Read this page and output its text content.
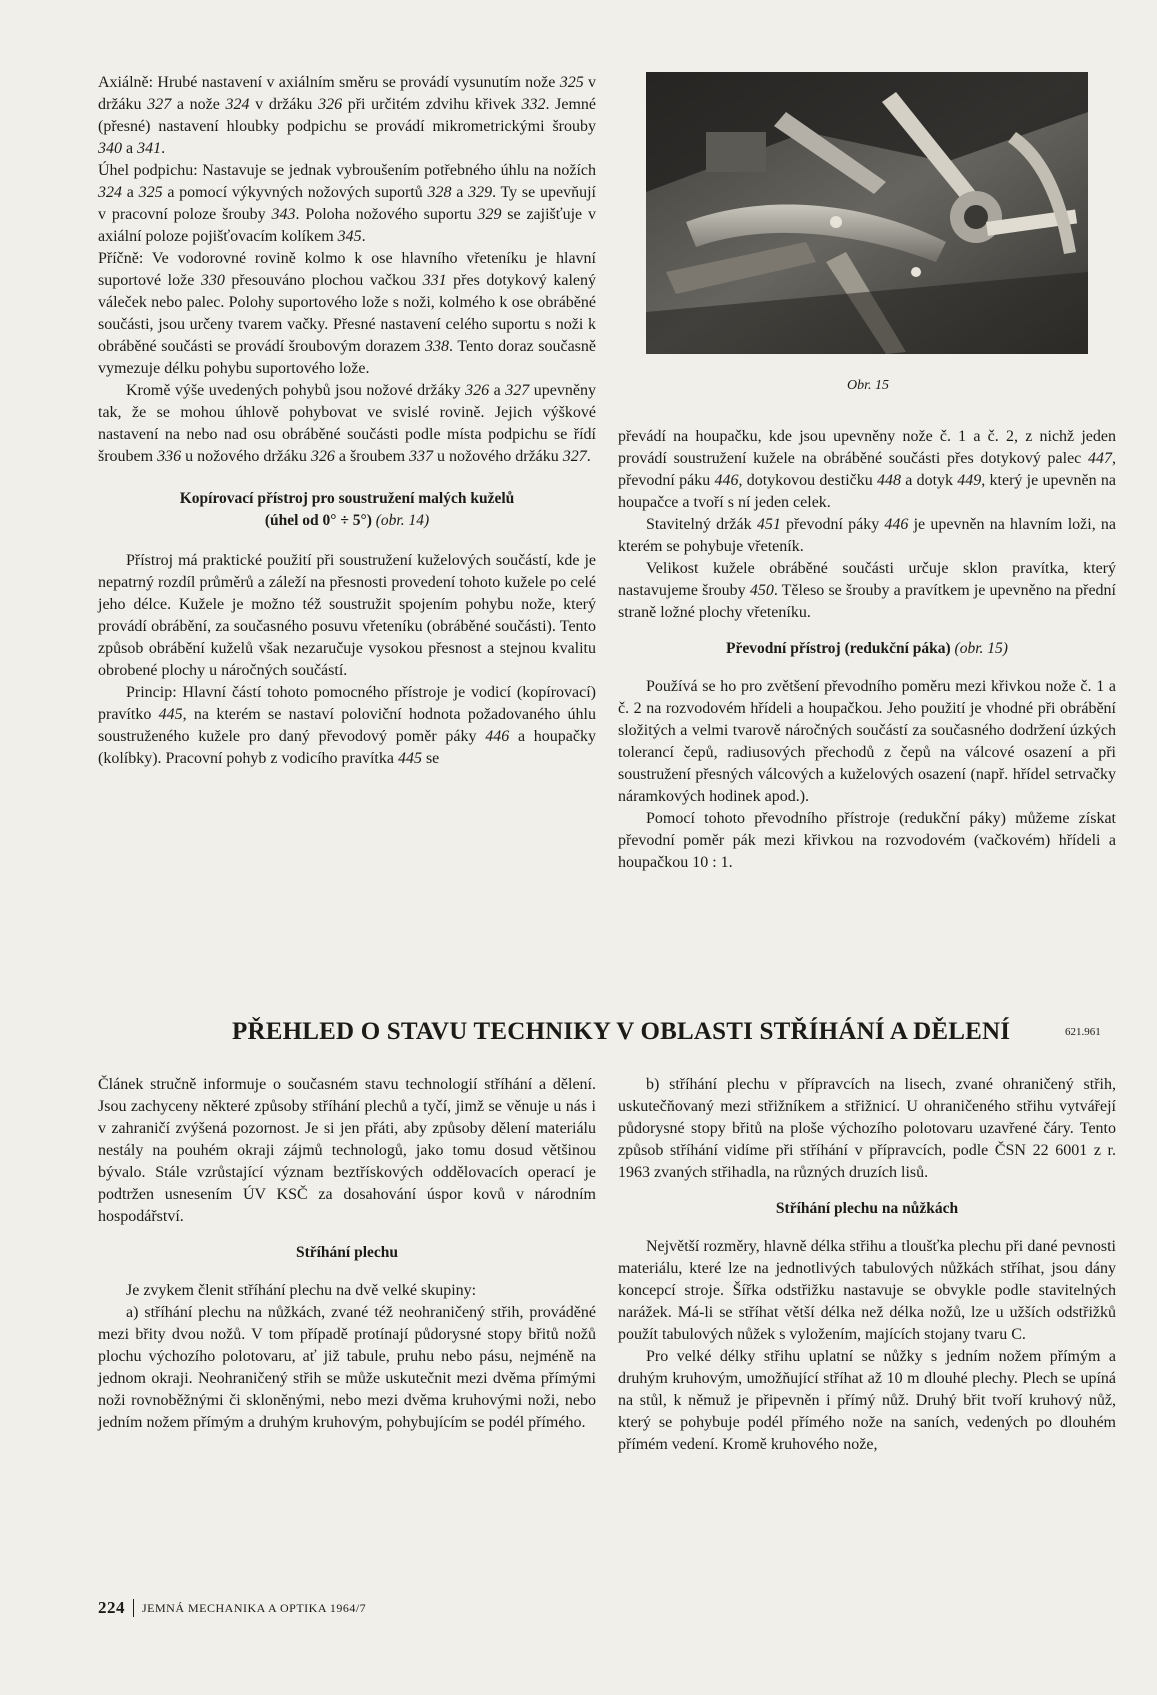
Axiálně: Hrubé nastavení v axiálním směru se provádí vysunutím nože 325 v držáku 327 a nože 324 v držáku 326 při určitém zdvihu křivek 332. Jemné (přesné) nastavení hloubky podpichu se provádí mikrometrickými šrouby 340 a 341.

Úhel podpichu: Nastavuje se jednak vybroušením potřebného úhlu na nožích 324 a 325 a pomocí výkyvných nožových suportů 328 a 329. Ty se upevňují v pracovní poloze šrouby 343. Poloha nožového suportu 329 se zajišťuje v axiální poloze pojišťovacím kolíkem 345.

Příčně: Ve vodorovné rovině kolmo k ose hlavního vřeteníku je hlavní suportové lože 330 přesouváno plochou vačkou 331 přes dotykový kalený váleček nebo palec. Polohy suportového lože s noži, kolmého k ose obráběné součásti, jsou určeny tvarem vačky. Přesné nastavení celého suportu s noži k obráběné součásti se provádí šroubovým dorazem 338. Tento doraz současně vymezuje délku pohybu suportového lože.

Kromě výše uvedených pohybů jsou nožové držáky 326 a 327 upevněny tak, že se mohou úhlově pohybovat ve svislé rovině. Jejich výškové nastavení na nebo nad osu obráběné součásti podle místa podpichu se řídí šroubem 336 u nožového držáku 326 a šroubem 337 u nožového držáku 327.

Kopírovací přístroj pro soustružení malých kuželů
(úhel od 0° ÷ 5°) (obr. 14)

Přístroj má praktické použití při soustružení kuželových součástí, kde je nepatrný rozdíl průměrů a záleží na přesnosti provedení tohoto kužele po celé jeho délce. Kužele je možno též soustružit spojením pohybu nože, který provádí obrábění, za současného posuvu vřeteníku (obráběné součásti). Tento způsob obrábění kuželů však nezaručuje vysokou přesnost a stejnou kvalitu obrobené plochy u náročných součástí.

Princip: Hlavní částí tohoto pomocného přístroje je vodicí (kopírovací) pravítko 445, na kterém se nastaví poloviční hodnota požadovaného úhlu soustruženého kužele pro daný převodový poměr páky 446 a houpačky (kolíbky). Pracovní pohyb z vodicího pravítka 445 se

Obr. 15

převádí na houpačku, kde jsou upevněny nože č. 1 a č. 2, z nichž jeden provádí soustružení kužele na obráběné součásti přes dotykový palec 447, převodní páku 446, dotykovou destičku 448 a dotyk 449, který je upevněn na houpačce a tvoří s ní jeden celek.

Stavitelný držák 451 převodní páky 446 je upevněn na hlavním loži, na kterém se pohybuje vřeteník.

Velikost kužele obráběné součásti určuje sklon pravítka, který nastavujeme šrouby 450. Těleso se šrouby a pravítkem je upevněno na přední straně ložné plochy vřeteníku.

Převodní přístroj (redukční páka) (obr. 15)

Používá se ho pro zvětšení převodního poměru mezi křivkou nože č. 1 a č. 2 na rozvodovém hřídeli a houpačkou. Jeho použití je vhodné při obrábění složitých a velmi tvarově náročných součástí za současného dodržení úzkých tolerancí čepů, radiusových přechodů z čepů na válcové osazení a při soustružení přesných válcových a kuželových osazení (např. hřídel setrvačky náramkových hodinek apod.).

Pomocí tohoto převodního přístroje (redukční páky) můžeme získat převodní poměr pák mezi křivkou na rozvodovém (vačkovém) hřídeli a houpačkou 10 : 1.

PŘEHLED O STAVU TECHNIKY V OBLASTI STŘÍHÁNÍ A DĚLENÍ	621.961

Článek stručně informuje o současném stavu technologií stříhání a dělení. Jsou zachyceny některé způsoby stříhání plechů a tyčí, jimž se věnuje u nás i v zahraničí zvýšená pozornost. Je si jen přáti, aby způsoby dělení materiálu nestály na pouhém okraji zájmů technologů, jako tomu dosud většinou bývalo. Stále vzrůstající význam beztřískových oddělovacích operací je podtržen usnesením ÚV KSČ za dosahování úspor kovů v národním hospodářství.

Stříhání plechu

Je zvykem členit stříhání plechu na dvě velké skupiny:

a) stříhání plechu na nůžkách, zvané též neohraničený střih, prováděné mezi břity dvou nožů. V tom případě protínají půdorysné stopy břitů nožů plochu výchozího polotovaru, ať již tabule, pruhu nebo pásu, nejméně na jednom okraji. Neohraničený střih se může uskutečnit mezi dvěma přímými noži rovnoběžnými či skloněnými, nebo mezi dvěma kruhovými noži, nebo jedním nožem přímým a druhým kruhovým, pohybujícím se podél přímého.

b) stříhání plechu v přípravcích na lisech, zvané ohraničený střih, uskutečňovaný mezi střižníkem a střižnicí. U ohraničeného střihu vytvářejí půdorysné stopy břitů na ploše výchozího polotovaru uzavřené čáry. Tento způsob stříhání vidíme při stříhání v přípravcích, podle ČSN 22 6001 z r. 1963 zvaných střihadla, na různých druzích lisů.

Stříhání plechu na nůžkách

Největší rozměry, hlavně délka střihu a tloušťka plechu při dané pevnosti materiálu, které lze na jednotlivých tabulových nůžkách stříhat, jsou dány koncepcí stroje. Šířka odstřižku nastavuje se obvykle podle stavitelných narážek. Má-li se stříhat větší délka než délka nožů, lze u užších odstřižků použít tabulových nůžek s vyložením, majících stojany tvaru C.

Pro velké délky střihu uplatní se nůžky s jedním nožem přímým a druhým kruhovým, umožňující stříhat až 10 m dlouhé plechy. Plech se upíná na stůl, k němuž je připevněn i přímý nůž. Druhý břit tvoří kruhový nůž, který se pohybuje podél přímého nože na saních, vedených po dlouhém přímém vedení. Kromě kruhového nože,

224 JEMNÁ MECHANIKA A OPTIKA 1964/7
